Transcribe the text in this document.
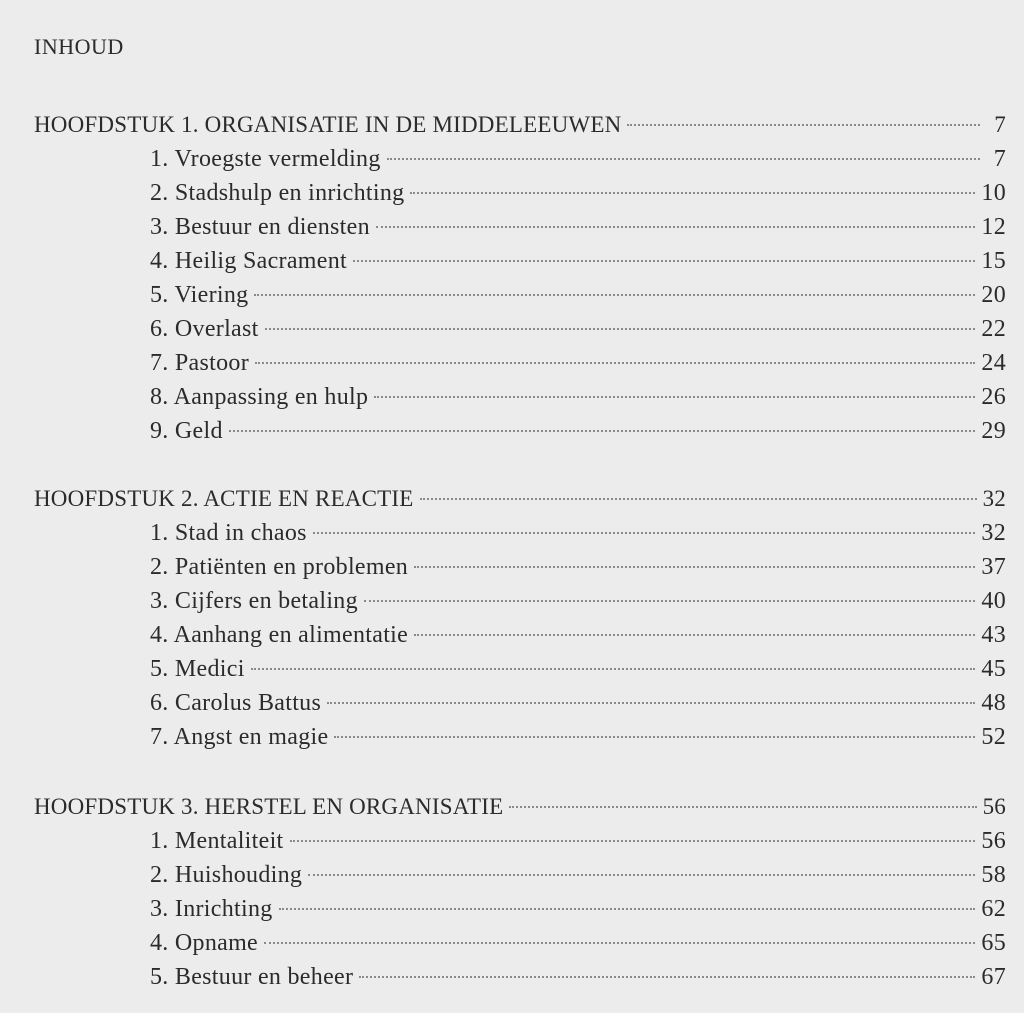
INHOUD
HOOFDSTUK 1. ORGANISATIE IN DE MIDDELEEUWEN	7
1. Vroegste vermelding	7
2. Stadshulp en inrichting	10
3. Bestuur en diensten	12
4. Heilig Sacrament	15
5. Viering	20
6. Overlast	22
7. Pastoor	24
8. Aanpassing en hulp	26
9. Geld	29
HOOFDSTUK 2. ACTIE EN REACTIE	32
1. Stad in chaos	32
2. Patiënten en problemen	37
3. Cijfers en betaling	40
4. Aanhang en alimentatie	43
5. Medici	45
6. Carolus Battus	48
7. Angst en magie	52
HOOFDSTUK 3. HERSTEL EN ORGANISATIE	56
1. Mentaliteit	56
2. Huishouding	58
3. Inrichting	62
4. Opname	65
5. Bestuur en beheer	67
